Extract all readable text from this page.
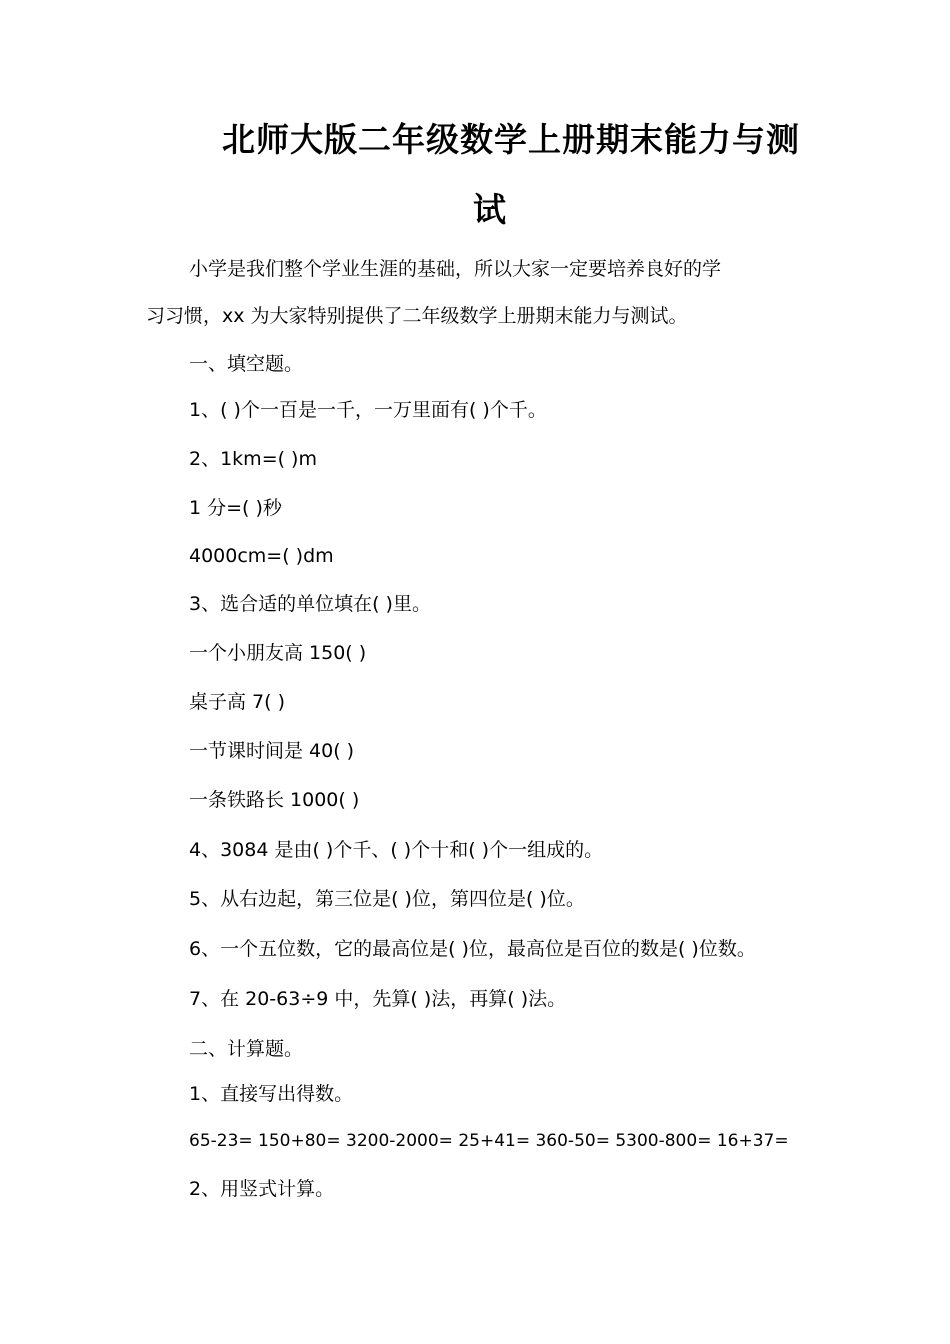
北师大版二年级数学上册期末能力与测
试
小学是我们整个学业生涯的基础，所以大家一定要培养良好的学
习习惯，xx 为大家特别提供了二年级数学上册期末能力与测试。
一、填空题。
1、( )个一百是一千，一万里面有( )个千。
2、1km=( )m
1 分=( )秒
4000cm=( )dm
3、选合适的单位填在( )里。
一个小朋友高 150( )
桌子高 7( )
一节课时间是 40( )
一条铁路长 1000( )
4、3084 是由( )个千、( )个十和( )个一组成的。
5、从右边起，第三位是( )位，第四位是( )位。
6、一个五位数，它的最高位是( )位，最高位是百位的数是( )位数。
7、在 20-63÷9 中，先算( )法，再算( )法。
二、计算题。
1、直接写出得数。
65-23= 150+80= 3200-2000= 25+41= 360-50= 5300-800= 16+37=
2、用竖式计算。
